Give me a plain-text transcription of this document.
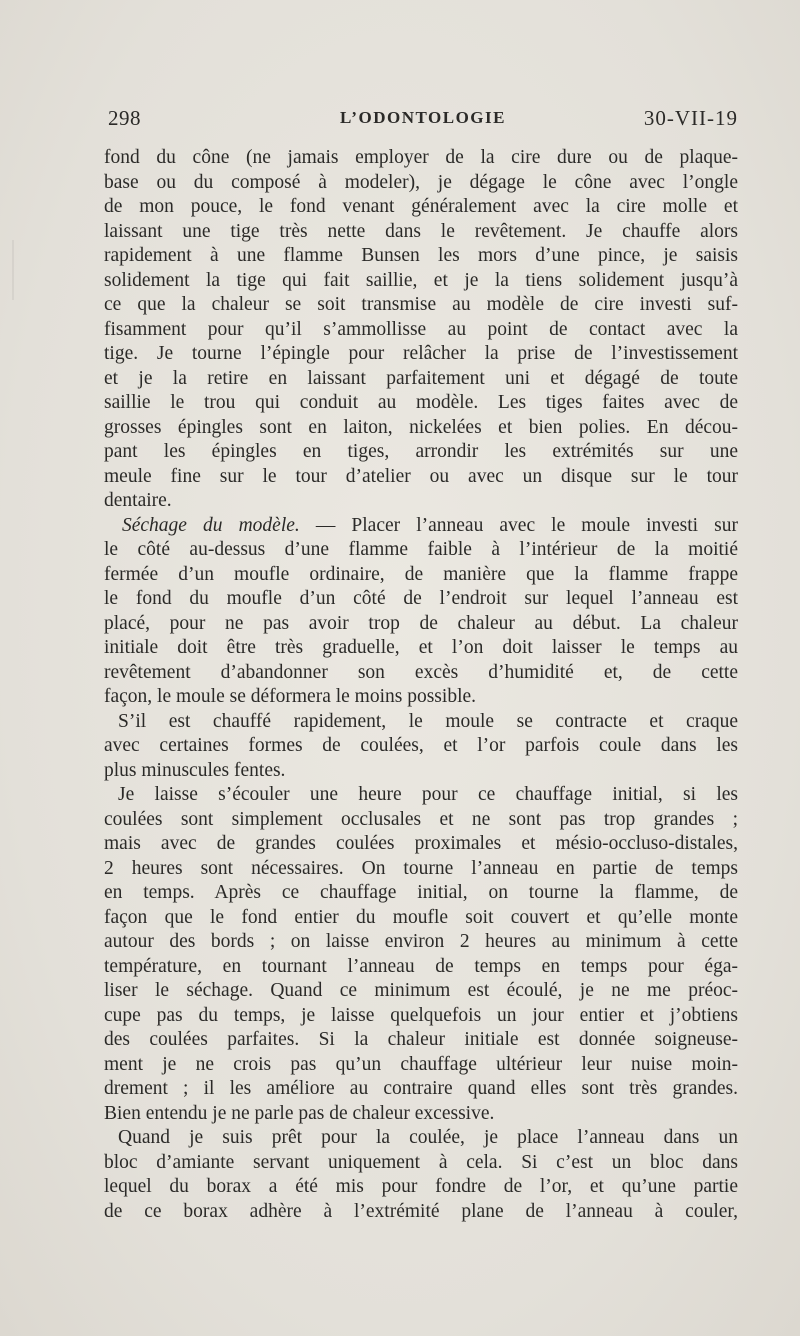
298	L’ODONTOLOGIE	30-VII-19
fond du cône (ne jamais employer de la cire dure ou de plaque-
base ou du composé à modeler), je dégage le cône avec l’ongle
de mon pouce, le fond venant généralement avec la cire molle et
laissant une tige très nette dans le revêtement. Je chauffe alors
rapidement à une flamme Bunsen les mors d’une pince, je saisis
solidement la tige qui fait saillie, et je la tiens solidement jusqu’à
ce que la chaleur se soit transmise au modèle de cire investi suf-
fisamment pour qu’il s’ammollisse au point de contact avec la
tige. Je tourne l’épingle pour relâcher la prise de l’investissement
et je la retire en laissant parfaitement uni et dégagé de toute
saillie le trou qui conduit au modèle. Les tiges faites avec de
grosses épingles sont en laiton, nickelées et bien polies. En décou-
pant les épingles en tiges, arrondir les extrémités sur une
meule fine sur le tour d’atelier ou avec un disque sur le tour
dentaire.
Séchage du modèle. — Placer l’anneau avec le moule investi sur
le côté au-dessus d’une flamme faible à l’intérieur de la moitié
fermée d’un moufle ordinaire, de manière que la flamme frappe
le fond du moufle d’un côté de l’endroit sur lequel l’anneau est
placé, pour ne pas avoir trop de chaleur au début. La chaleur
initiale doit être très graduelle, et l’on doit laisser le temps au
revêtement d’abandonner son excès d’humidité et, de cette
façon, le moule se déformera le moins possible.
S’il est chauffé rapidement, le moule se contracte et craque
avec certaines formes de coulées, et l’or parfois coule dans les
plus minuscules fentes.
Je laisse s’écouler une heure pour ce chauffage initial, si les
coulées sont simplement occlusales et ne sont pas trop grandes ;
mais avec de grandes coulées proximales et mésio-occluso-distales,
2 heures sont nécessaires. On tourne l’anneau en partie de temps
en temps. Après ce chauffage initial, on tourne la flamme, de
façon que le fond entier du moufle soit couvert et qu’elle monte
autour des bords ; on laisse environ 2 heures au minimum à cette
température, en tournant l’anneau de temps en temps pour éga-
liser le séchage. Quand ce minimum est écoulé, je ne me préoc-
cupe pas du temps, je laisse quelquefois un jour entier et j’obtiens
des coulées parfaites. Si la chaleur initiale est donnée soigneuse-
ment je ne crois pas qu’un chauffage ultérieur leur nuise moin-
drement ; il les améliore au contraire quand elles sont très grandes.
Bien entendu je ne parle pas de chaleur excessive.
Quand je suis prêt pour la coulée, je place l’anneau dans un
bloc d’amiante servant uniquement à cela. Si c’est un bloc dans
lequel du borax a été mis pour fondre de l’or, et qu’une partie
de ce borax adhère à l’extrémité plane de l’anneau à couler,
